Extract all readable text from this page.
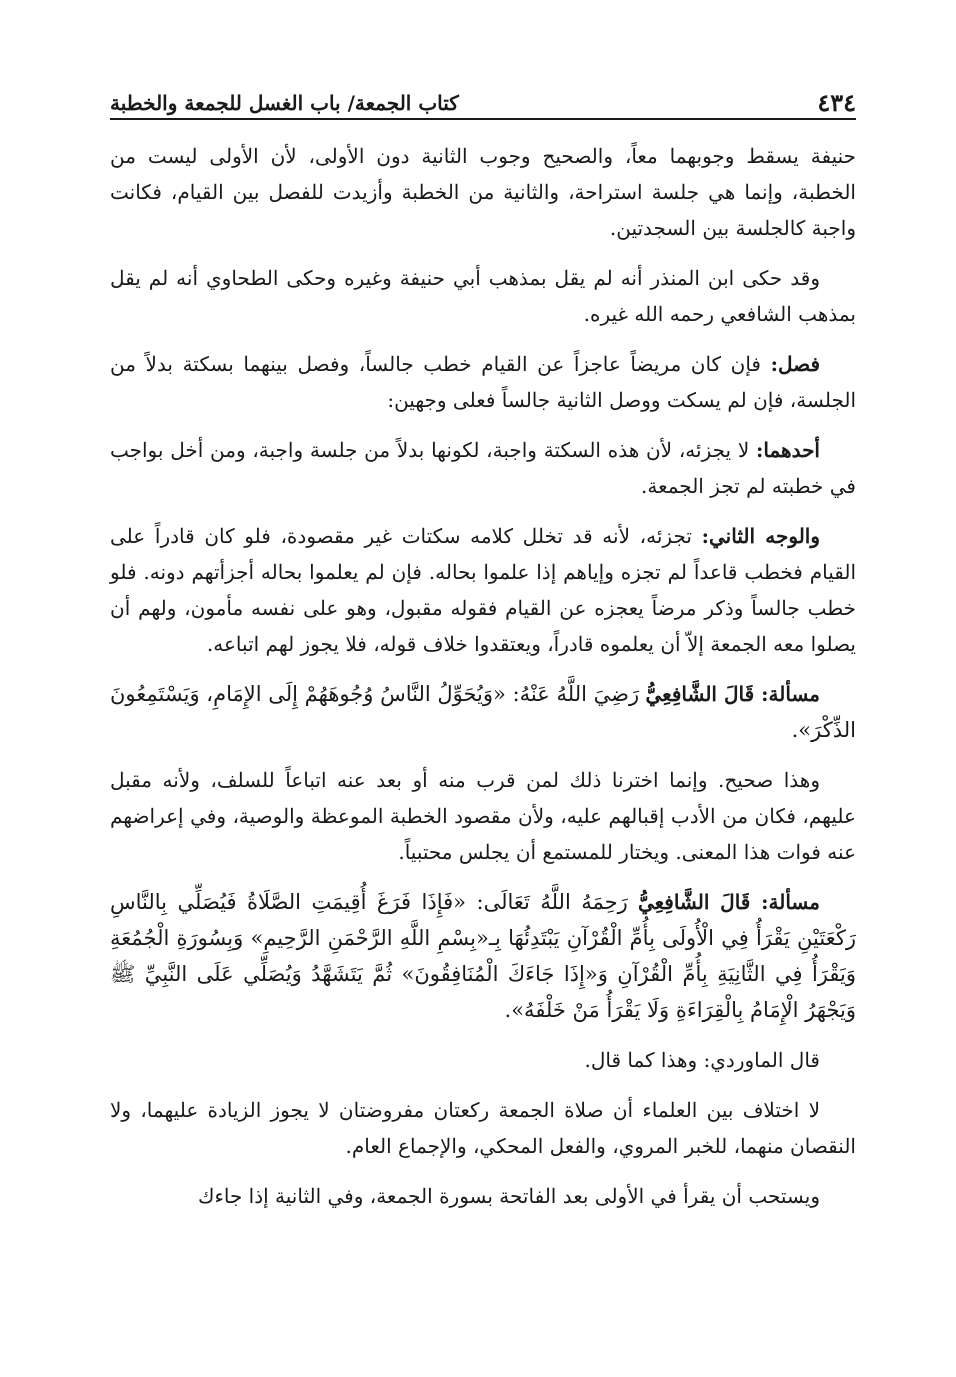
٤٣٤
كتاب الجمعة/ باب الغسل للجمعة والخطبة

حنيفة يسقط وجوبهما معاً، والصحيح وجوب الثانية دون الأولى، لأن الأولى ليست من الخطبة، وإنما هي جلسة استراحة، والثانية من الخطبة وأزيدت للفصل بين القيام، فكانت واجبة كالجلسة بين السجدتين.

وقد حكى ابن المنذر أنه لم يقل بمذهب أبي حنيفة وغيره وحكى الطحاوي أنه لم يقل بمذهب الشافعي رحمه الله غيره.

فصل: فإن كان مريضاً عاجزاً عن القيام خطب جالساً، وفصل بينهما بسكتة بدلاً من الجلسة، فإن لم يسكت ووصل الثانية جالساً فعلى وجهين:

أحدهما: لا يجزئه، لأن هذه السكتة واجبة، لكونها بدلاً من جلسة واجبة، ومن أخل بواجب في خطبته لم تجز الجمعة.

والوجه الثاني: تجزئه، لأنه قد تخلل كلامه سكتات غير مقصودة، فلو كان قادراً على القيام فخطب قاعداً لم تجزه وإياهم إذا علموا بحاله. فإن لم يعلموا بحاله أجزأتهم دونه. فلو خطب جالساً وذكر مرضاً يعجزه عن القيام فقوله مقبول، وهو على نفسه مأمون، ولهم أن يصلوا معه الجمعة إلاّ أن يعلموه قادراً، ويعتقدوا خلاف قوله، فلا يجوز لهم اتباعه.

مسألة: قَالَ الشَّافِعِيُّ رَضِيَ اللَّهُ عَنْهُ: «وَيُحَوِّلُ النَّاسُ وُجُوهَهُمْ إِلَى الإِمَامِ، وَيَسْتَمِعُونَ الذِّكْرَ».

وهذا صحيح. وإنما اخترنا ذلك لمن قرب منه أو بعد عنه اتباعاً للسلف، ولأنه مقبل عليهم، فكان من الأدب إقبالهم عليه، ولأن مقصود الخطبة الموعظة والوصية، وفي إعراضهم عنه فوات هذا المعنى. ويختار للمستمع أن يجلس محتبياً.

مسألة: قَالَ الشَّافِعِيُّ رَحِمَهُ اللَّهُ تَعَالَى: «فَإِذَا فَرَغَ أُقِيمَتِ الصَّلَاةُ فَيُصَلِّي بِالنَّاسِ رَكْعَتَيْنِ يَقْرَأُ فِي الْأُولَى بِأُمِّ الْقُرْآنِ يَبْتَدِئُهَا بِـ«بِسْمِ اللَّهِ الرَّحْمَنِ الرَّحِيمِ» وَبِسُورَةِ الْجُمُعَةِ وَيَقْرَأُ فِي الثَّانِيَةِ بِأُمِّ الْقُرْآنِ وَ«إِذَا جَاءَكَ الْمُنَافِقُونَ» ثُمَّ يَتَشَهَّدُ وَيُصَلِّي عَلَى النَّبِيِّ ﷺ وَيَجْهَرُ الْإِمَامُ بِالْقِرَاءَةِ وَلَا يَقْرَأُ مَنْ خَلْفَهُ».

قال الماوردي: وهذا كما قال.

لا اختلاف بين العلماء أن صلاة الجمعة ركعتان مفروضتان لا يجوز الزيادة عليهما، ولا النقصان منهما، للخبر المروي، والفعل المحكي، والإجماع العام.

ويستحب أن يقرأ في الأولى بعد الفاتحة بسورة الجمعة، وفي الثانية إذا جاءك
